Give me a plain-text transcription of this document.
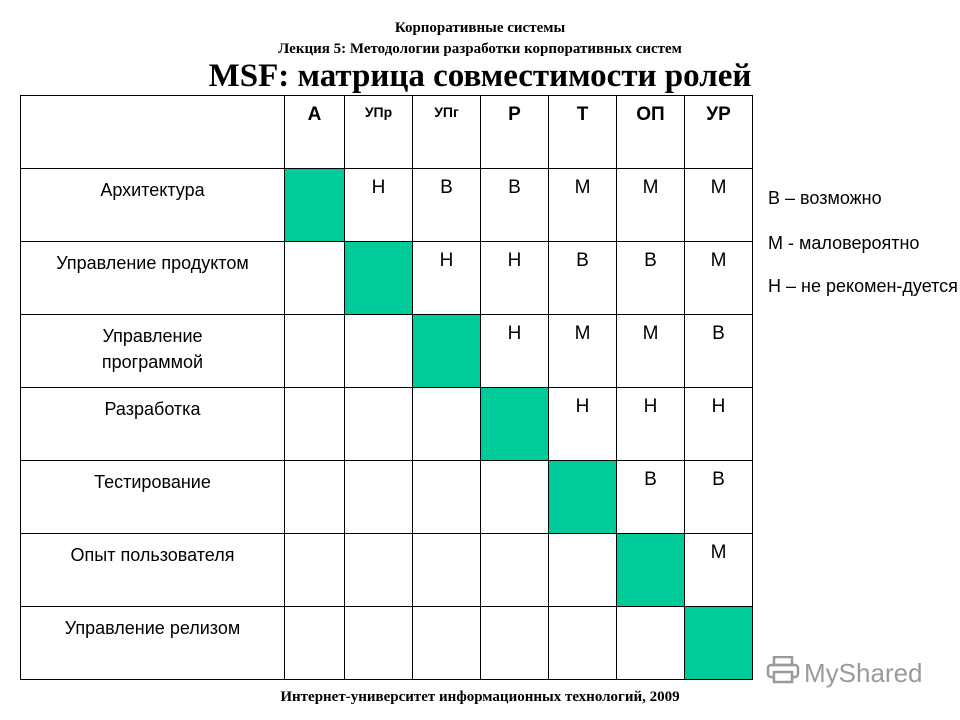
Корпоративные системы
Лекция 5: Методологии разработки корпоративных систем
MSF: матрица совместимости ролей
	А	УПр	УПг	Р	Т	ОП	УР
Архитектура		Н	В	В	М	М	М
Управление продуктом			Н	Н	В	В	М
Управление программой				Н	М	М	В
Разработка					Н	Н	Н
Тестирование						В	В
Опыт пользователя							М
Управление релизом							
В – возможно
М - маловероятно
Н – не рекомен-дуется
Интернет-университет информационных технологий, 2009
MyShared
